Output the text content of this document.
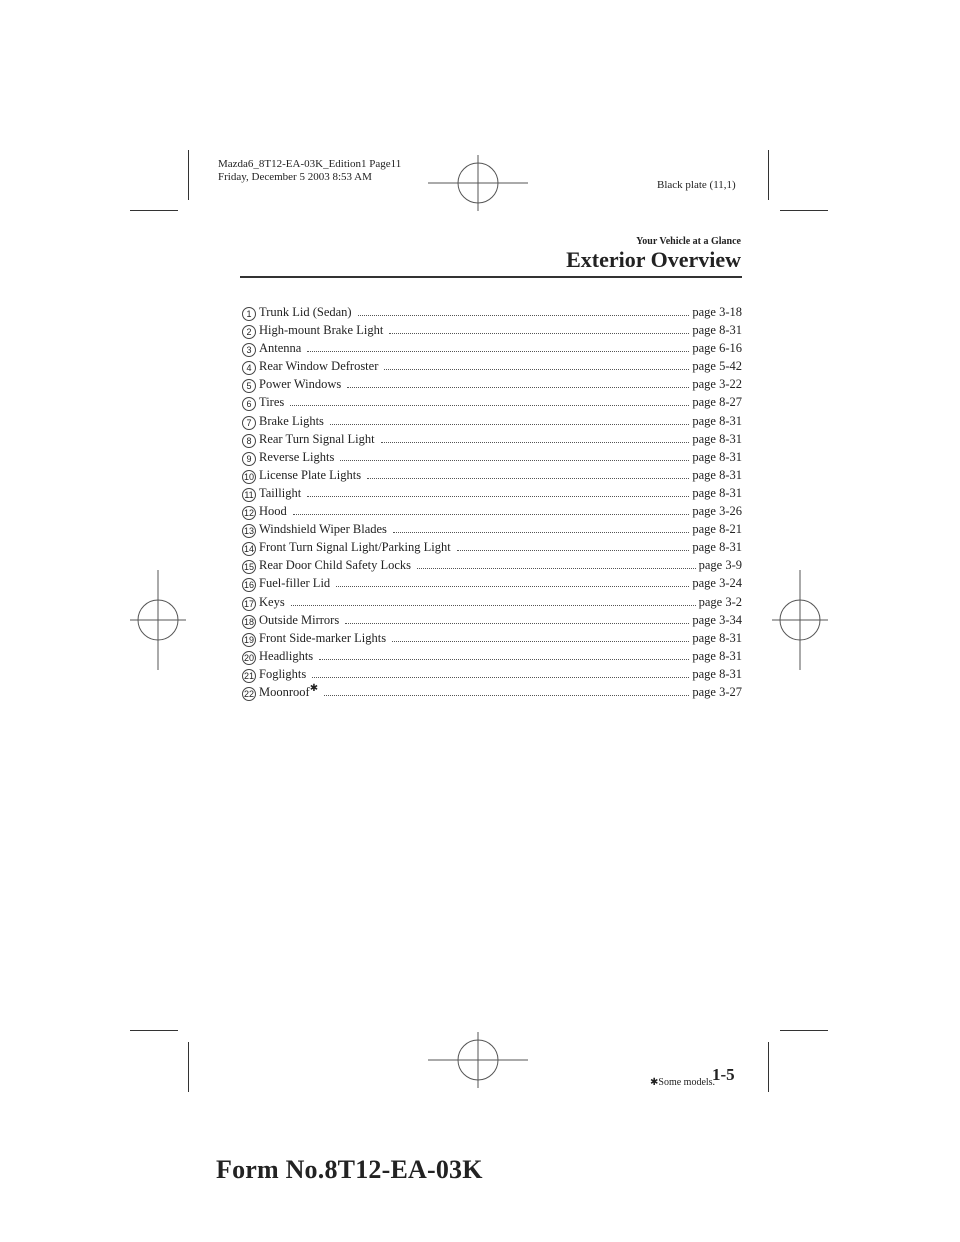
Mazda6_8T12-EA-03K_Edition1 Page11
Friday, December 5 2003 8:53 AM
Black plate (11,1)
Your Vehicle at a Glance
Exterior Overview
1 Trunk Lid (Sedan)	page 3-18
2 High-mount Brake Light	page 8-31
3 Antenna	page 6-16
4 Rear Window Defroster	page 5-42
5 Power Windows	page 3-22
6 Tires	page 8-27
7 Brake Lights	page 8-31
8 Rear Turn Signal Light	page 8-31
9 Reverse Lights	page 8-31
10 License Plate Lights	page 8-31
11 Taillight	page 8-31
12 Hood	page 3-26
13 Windshield Wiper Blades	page 8-21
14 Front Turn Signal Light/Parking Light	page 8-31
15 Rear Door Child Safety Locks	page 3-9
16 Fuel-filler Lid	page 3-24
17 Keys	page 3-2
18 Outside Mirrors	page 3-34
19 Front Side-marker Lights	page 8-31
20 Headlights	page 8-31
21 Foglights	page 8-31
22 Moonroof✱	page 3-27
✱Some models.
1-5
Form No.8T12-EA-03K
